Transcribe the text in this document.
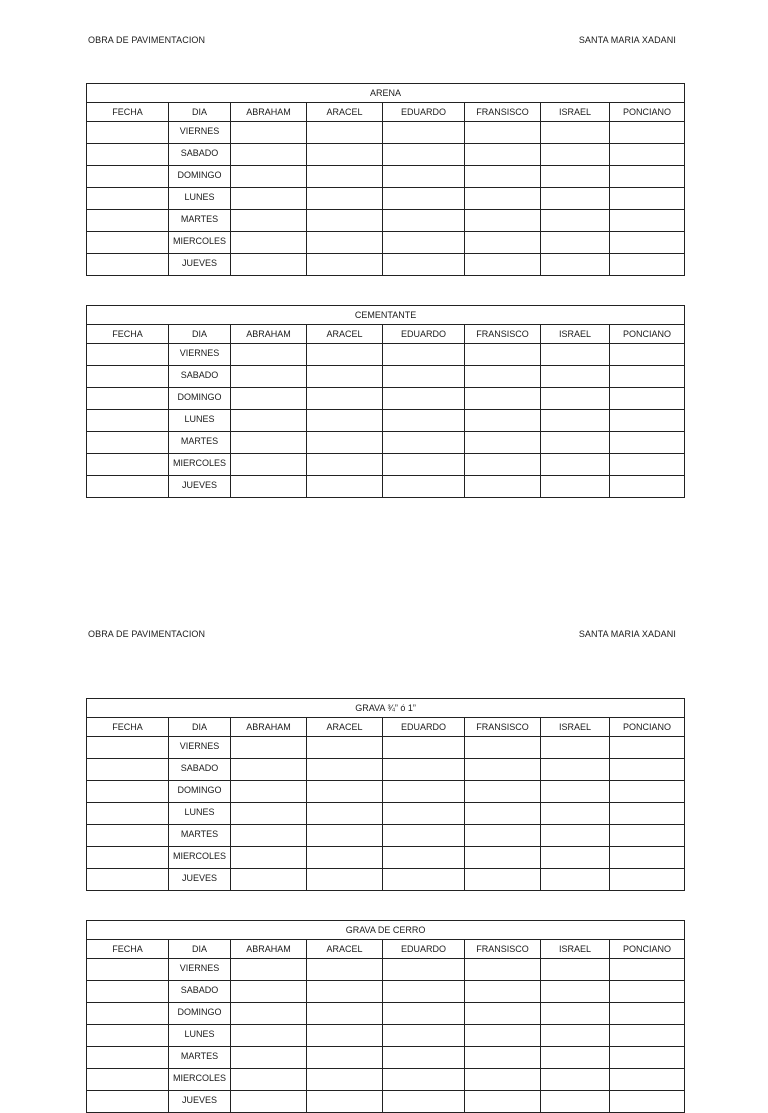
OBRA DE PAVIMENTACION	SANTA MARIA XADANI
ARENA							
FECHA	DIA	ABRAHAM	ARACEL	EDUARDO	FRANSISCO	ISRAEL	PONCIANO
	VIERNES						
	SABADO						
	DOMINGO						
	LUNES						
	MARTES						
	MIERCOLES						
	JUEVES						
CEMENTANTE							
FECHA	DIA	ABRAHAM	ARACEL	EDUARDO	FRANSISCO	ISRAEL	PONCIANO
	VIERNES						
	SABADO						
	DOMINGO						
	LUNES						
	MARTES						
	MIERCOLES						
	JUEVES						
GRAVA ¾” ó 1”							
FECHA	DIA	ABRAHAM	ARACEL	EDUARDO	FRANSISCO	ISRAEL	PONCIANO
	VIERNES						
	SABADO						
	DOMINGO						
	LUNES						
	MARTES						
	MIERCOLES						
	JUEVES						
GRAVA DE CERRO							
FECHA	DIA	ABRAHAM	ARACEL	EDUARDO	FRANSISCO	ISRAEL	PONCIANO
	VIERNES						
	SABADO						
	DOMINGO						
	LUNES						
	MARTES						
	MIERCOLES						
	JUEVES						
OBRA DE PAVIMENTACION	SANTA MARIA XADANI
